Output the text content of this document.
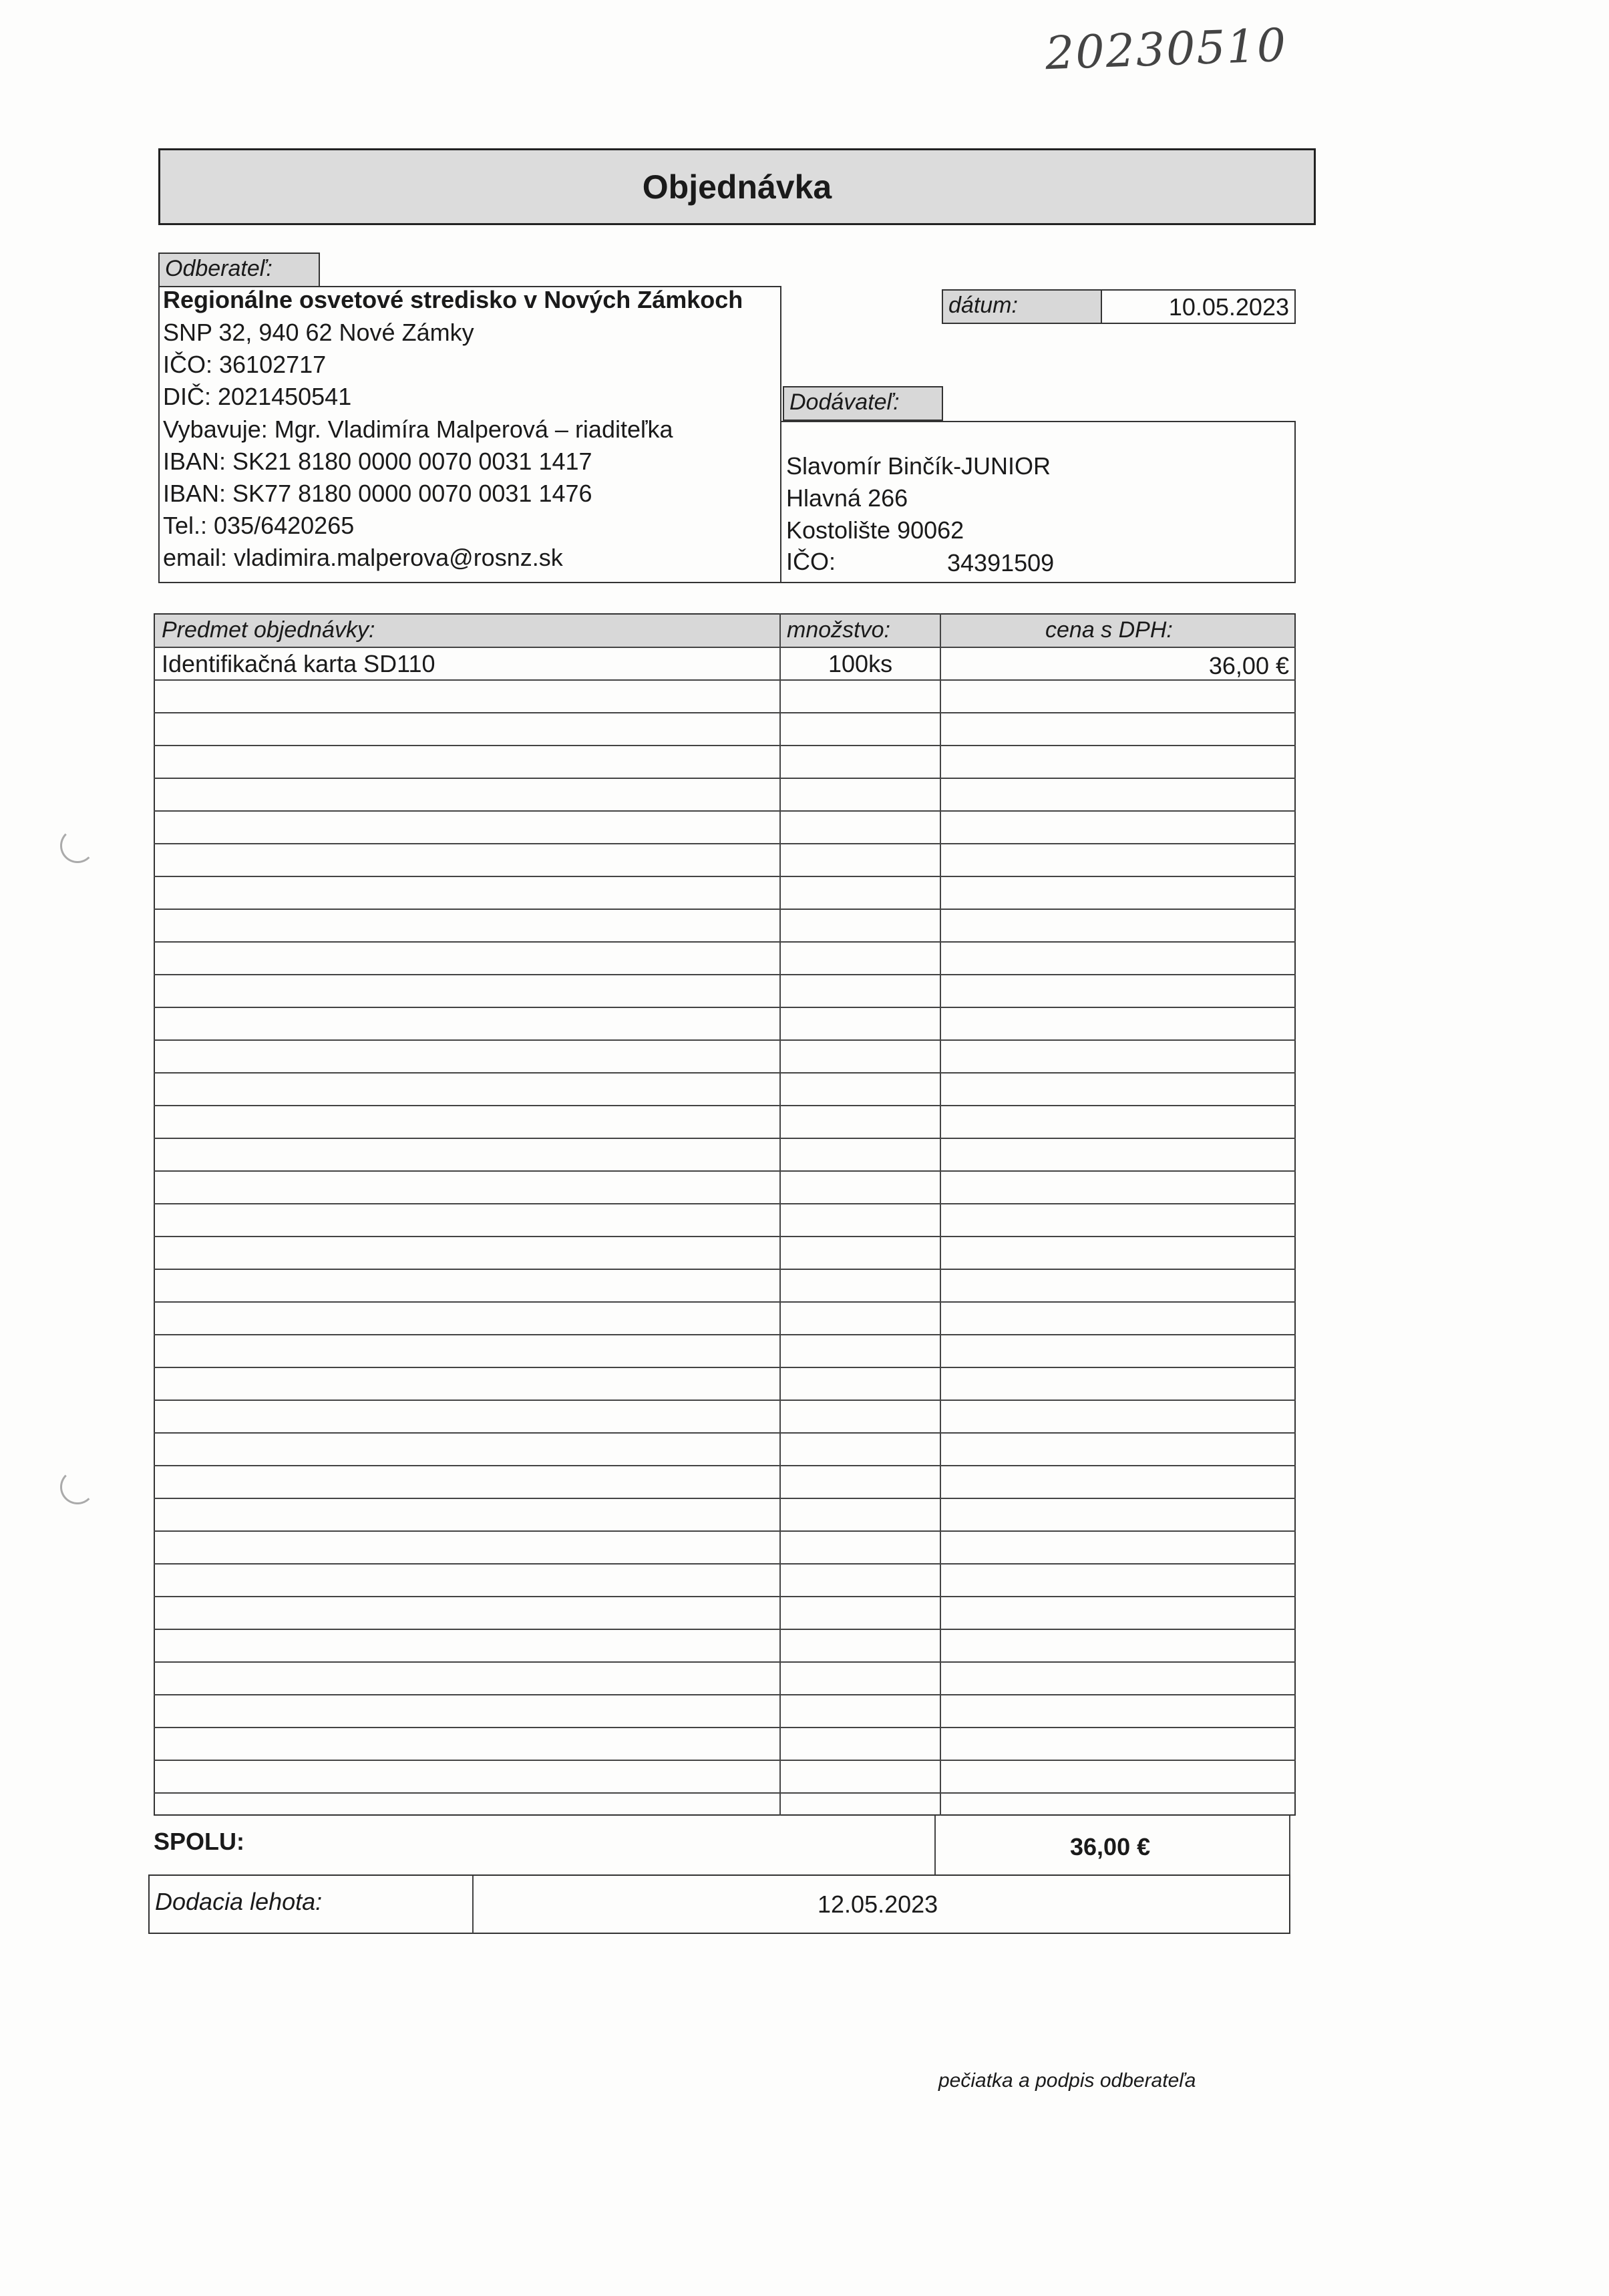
20230510
Objednávka
Odberateľ:
Regionálne osvetové stredisko v Nových Zámkoch
SNP 32, 940 62 Nové Zámky
IČO: 36102717
DIČ: 2021450541
Vybavuje: Mgr. Vladimíra Malperová – riaditeľka
IBAN: SK21 8180 0000 0070 0031 1417
IBAN: SK77 8180 0000 0070 0031 1476
Tel.: 035/6420265
email: vladimira.malperova@rosnz.sk
dátum:	10.05.2023
Dodávateľ:
Slavomír Binčík-JUNIOR
Hlavná 266
Kostolište 90062
IČO:	34391509
Predmet objednávky:	množstvo:	cena s DPH:
Identifikačná karta SD110	100ks	36,00 €
SPOLU:	36,00 €
Dodacia lehota:	12.05.2023
pečiatka a podpis odberateľa
